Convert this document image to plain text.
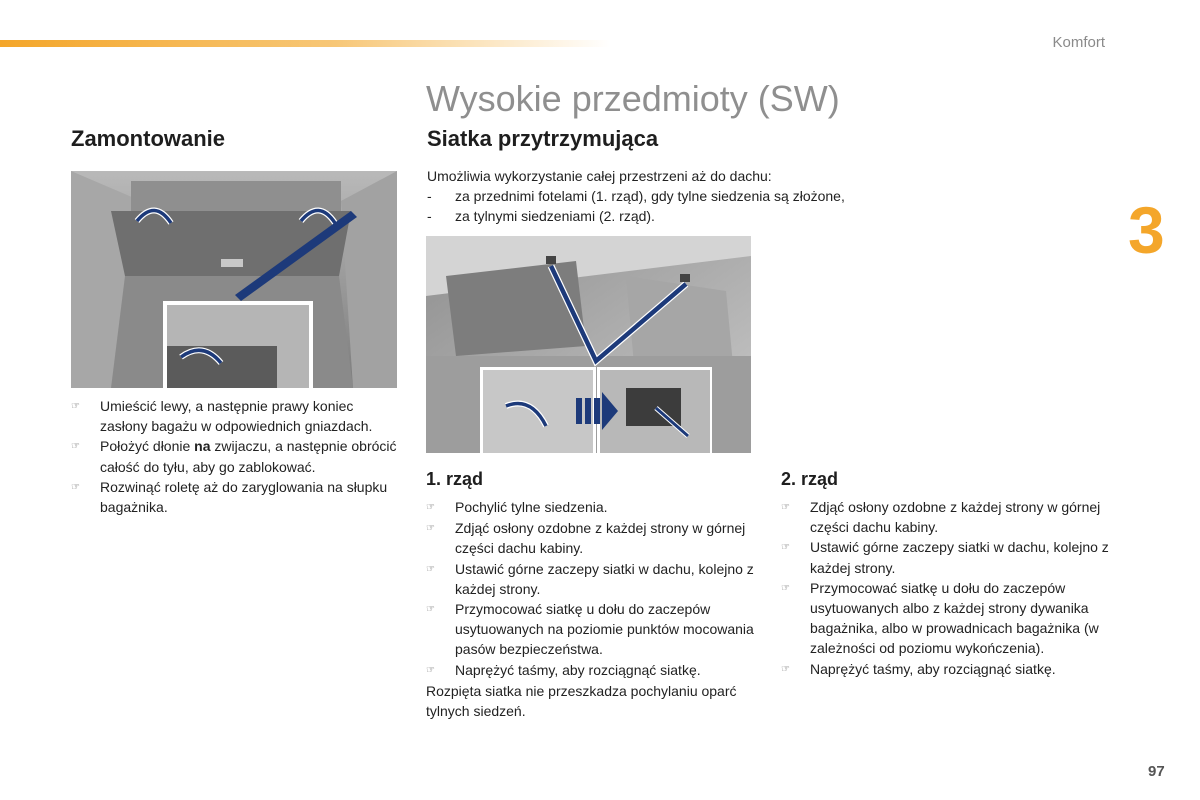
Komfort
3
Wysokie przedmioty (SW)
Zamontowanie
☞	Umieścić lewy, a następnie prawy koniec zasłony bagażu w odpowiednich gniazdach.
☞	Położyć dłonie na zwijaczu, a następnie obrócić całość do tyłu, aby go zablokować.
☞	Rozwinąć roletę aż do zaryglowania na słupku bagażnika.
Siatka przytrzymująca
Umożliwia wykorzystanie całej przestrzeni aż do dachu:
-	za przednimi fotelami (1. rząd), gdy tylne siedzenia są złożone,
-	za tylnymi siedzeniami (2. rząd).
1. rząd
☞	Pochylić tylne siedzenia.
☞	Zdjąć osłony ozdobne z każdej strony w górnej części dachu kabiny.
☞	Ustawić górne zaczepy siatki w dachu, kolejno z każdej strony.
☞	Przymocować siatkę u dołu do zaczepów usytuowanych na poziomie punktów mocowania pasów bezpieczeństwa.
☞	Naprężyć taśmy, aby rozciągnąć siatkę.
Rozpięta siatka nie przeszkadza pochylaniu oparć tylnych siedzeń.
2. rząd
☞	Zdjąć osłony ozdobne z każdej strony w górnej części dachu kabiny.
☞	Ustawić górne zaczepy siatki w dachu, kolejno z każdej strony.
☞	Przymocować siatkę u dołu do zaczepów usytuowanych albo z każdej strony dywanika bagażnika, albo w prowadnicach bagażnika (w zależności od poziomu wykończenia).
☞	Naprężyć taśmy, aby rozciągnąć siatkę.
97
